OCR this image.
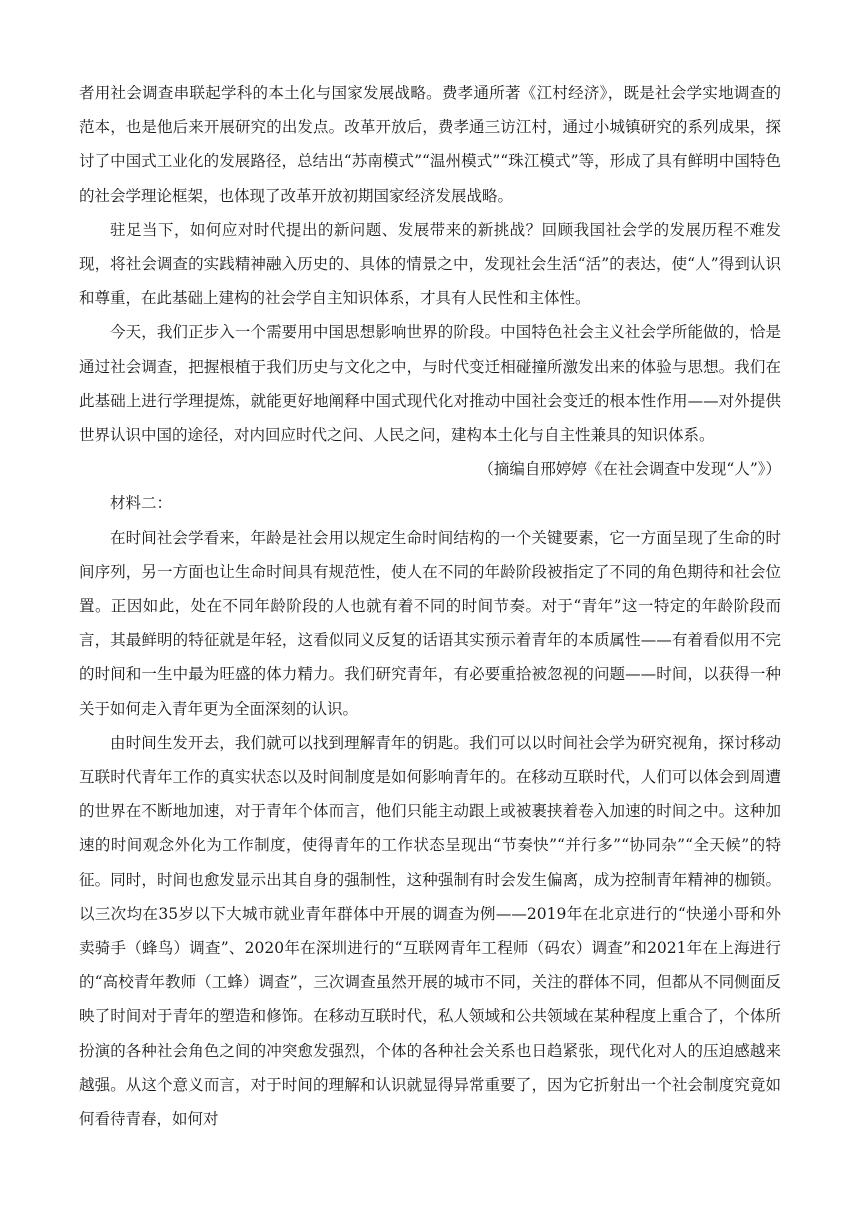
者用社会调查串联起学科的本土化与国家发展战略。费孝通所著《江村经济》，既是社会学实地调查的范本，也是他后来开展研究的出发点。改革开放后，费孝通三访江村，通过小城镇研究的系列成果，探讨了中国式工业化的发展路径，总结出“苏南模式”“温州模式”“珠江模式”等，形成了具有鲜明中国特色的社会学理论框架，也体现了改革开放初期国家经济发展战略。

驻足当下，如何应对时代提出的新问题、发展带来的新挑战？回顾我国社会学的发展历程不难发现，将社会调查的实践精神融入历史的、具体的情景之中，发现社会生活“活”的表达，使“人”得到认识和尊重，在此基础上建构的社会学自主知识体系，才具有人民性和主体性。

今天，我们正步入一个需要用中国思想影响世界的阶段。中国特色社会主义社会学所能做的，恰是通过社会调查，把握根植于我们历史与文化之中，与时代变迁相碰撞所激发出来的体验与思想。我们在此基础上进行学理提炼，就能更好地阐释中国式现代化对推动中国社会变迁的根本性作用——对外提供世界认识中国的途径，对内回应时代之问、人民之问，建构本土化与自主性兼具的知识体系。

（摘编自邢婷婷《在社会调查中发现“人”》）

材料二：

在时间社会学看来，年龄是社会用以规定生命时间结构的一个关键要素，它一方面呈现了生命的时间序列，另一方面也让生命时间具有规范性，使人在不同的年龄阶段被指定了不同的角色期待和社会位置。正因如此，处在不同年龄阶段的人也就有着不同的时间节奏。对于“青年”这一特定的年龄阶段而言，其最鲜明的特征就是年轻，这看似同义反复的话语其实预示着青年的本质属性——有着看似用不完的时间和一生中最为旺盛的体力精力。我们研究青年，有必要重拾被忽视的问题——时间，以获得一种关于如何走入青年更为全面深刻的认识。

由时间生发开去，我们就可以找到理解青年的钥匙。我们可以以时间社会学为研究视角，探讨移动互联时代青年工作的真实状态以及时间制度是如何影响青年的。在移动互联时代，人们可以体会到周遭的世界在不断地加速，对于青年个体而言，他们只能主动跟上或被裹挟着卷入加速的时间之中。这种加速的时间观念外化为工作制度，使得青年的工作状态呈现出“节奏快”“并行多”“协同杂”“全天候”的特征。同时，时间也愈发显示出其自身的强制性，这种强制有时会发生偏离，成为控制青年精神的枷锁。以三次均在35岁以下大城市就业青年群体中开展的调查为例——2019年在北京进行的“快递小哥和外卖骑手（蜂鸟）调查”、2020年在深圳进行的“互联网青年工程师（码农）调查”和2021年在上海进行的“高校青年教师（工蜂）调查”，三次调查虽然开展的城市不同，关注的群体不同，但都从不同侧面反映了时间对于青年的塑造和修饰。在移动互联时代，私人领域和公共领域在某种程度上重合了，个体所扮演的各种社会角色之间的冲突愈发强烈，个体的各种社会关系也日趋紧张，现代化对人的压迫感越来越强。从这个意义而言，对于时间的理解和认识就显得异常重要了，因为它折射出一个社会制度究竟如何看待青春，如何对
